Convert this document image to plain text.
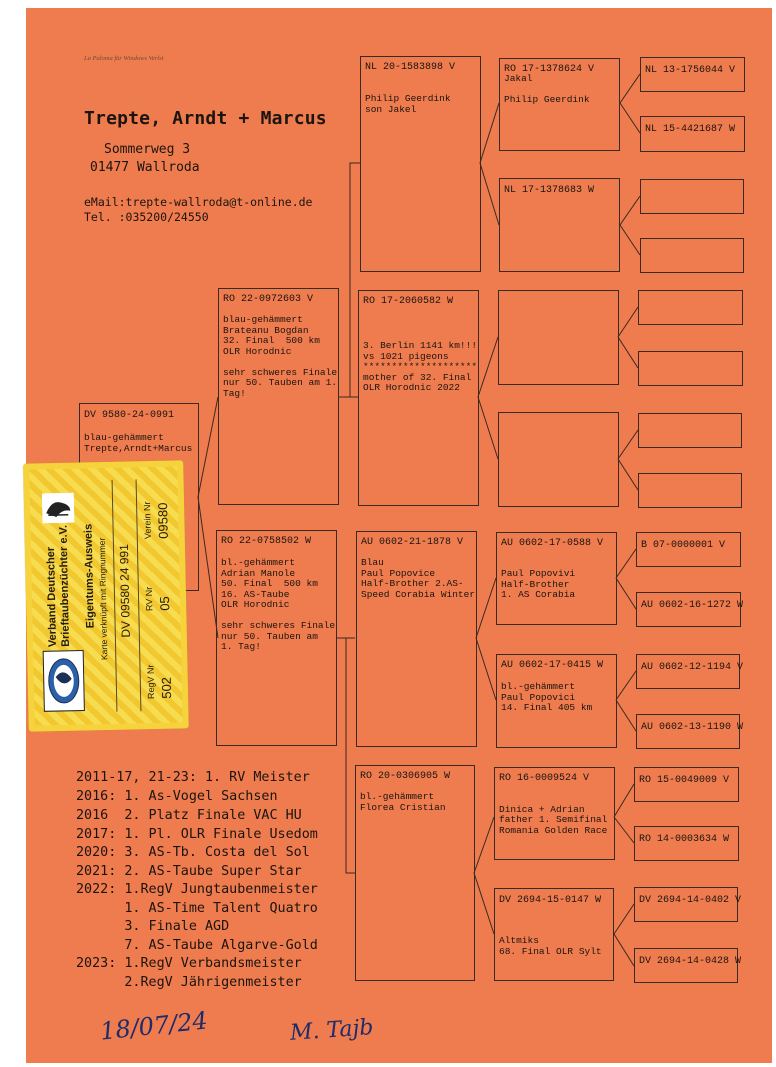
La Paloma für Windows Verlst
Trepte, Arndt + Marcus
Sommerweg 3
01477 Wallroda
eMail:trepte-wallroda@t-online.de
Tel. :035200/24550
DV 9580-24-0991
blau-gehämmert
Trepte,Arndt+Marcus
RO 22-0972603 V
blau-gehämmert
Brateanu Bogdan
32. Final  500 km
OLR Horodnic

sehr schweres Finale
nur 50. Tauben am 1.
Tag!
RO 22-0758502 W
bl.-gehämmert
Adrian Manole
50. Final  500 km
16. AS-Taube
OLR Horodnic

sehr schweres Finale
nur 50. Tauben am
1. Tag!
NL 20-1583898 V
Philip Geerdink
son Jakel
RO 17-2060582 W
3. Berlin 1141 km!!!
vs 1021 pigeons
********************
mother of 32. Final
OLR Horodnic 2022
AU 0602-21-1878 V
Blau
Paul Popovice
Half-Brother 2.AS-
Speed Corabia Winter
RO 20-0306905 W
bl.-gehämmert
Florea Cristian
RO 17-1378624 V
Jakal

Philip Geerdink
NL 17-1378683 W
AU 0602-17-0588 V
Paul Popovivi
Half-Brother
1. AS Corabia
AU 0602-17-0415 W
bl.-gehämmert
Paul Popovici
14. Final 405 km
RO 16-0009524 V

Dinica + Adrian
father 1. Semifinal
Romania Golden Race
DV 2694-15-0147 W

Altmiks
68. Final OLR Sylt
NL 13-1756044 V
NL 15-4421687 W
B 07-0000001 V
AU 0602-16-1272 W
AU 0602-12-1194 V
AU 0602-13-1190 W
RO 15-0049009 V
RO 14-0003634 W
DV 2694-14-0402 V
DV 2694-14-0428 W
2011-17, 21-23: 1. RV Meister
2016: 1. As-Vogel Sachsen
2016  2. Platz Finale VAC HU
2017: 1. Pl. OLR Finale Usedom
2020: 3. AS-Tb. Costa del Sol
2021: 2. AS-Taube Super Star
2022: 1.RegV Jungtaubenmeister
1. AS-Time Talent Quatro
3. Finale AGD
7. AS-Taube Algarve-Gold
2023: 1.RegV Verbandsmeister
2.RegV Jährigenmeister
Verband Deutscher
Brieftaubenzüchter e.V. Eigentums-Ausweis Karte verknüpft mit Ringnummer DV 09580 24 991
RegV Nr 502
RV Nr 05
Verein Nr 09580
18/07/24	M. Tajb
